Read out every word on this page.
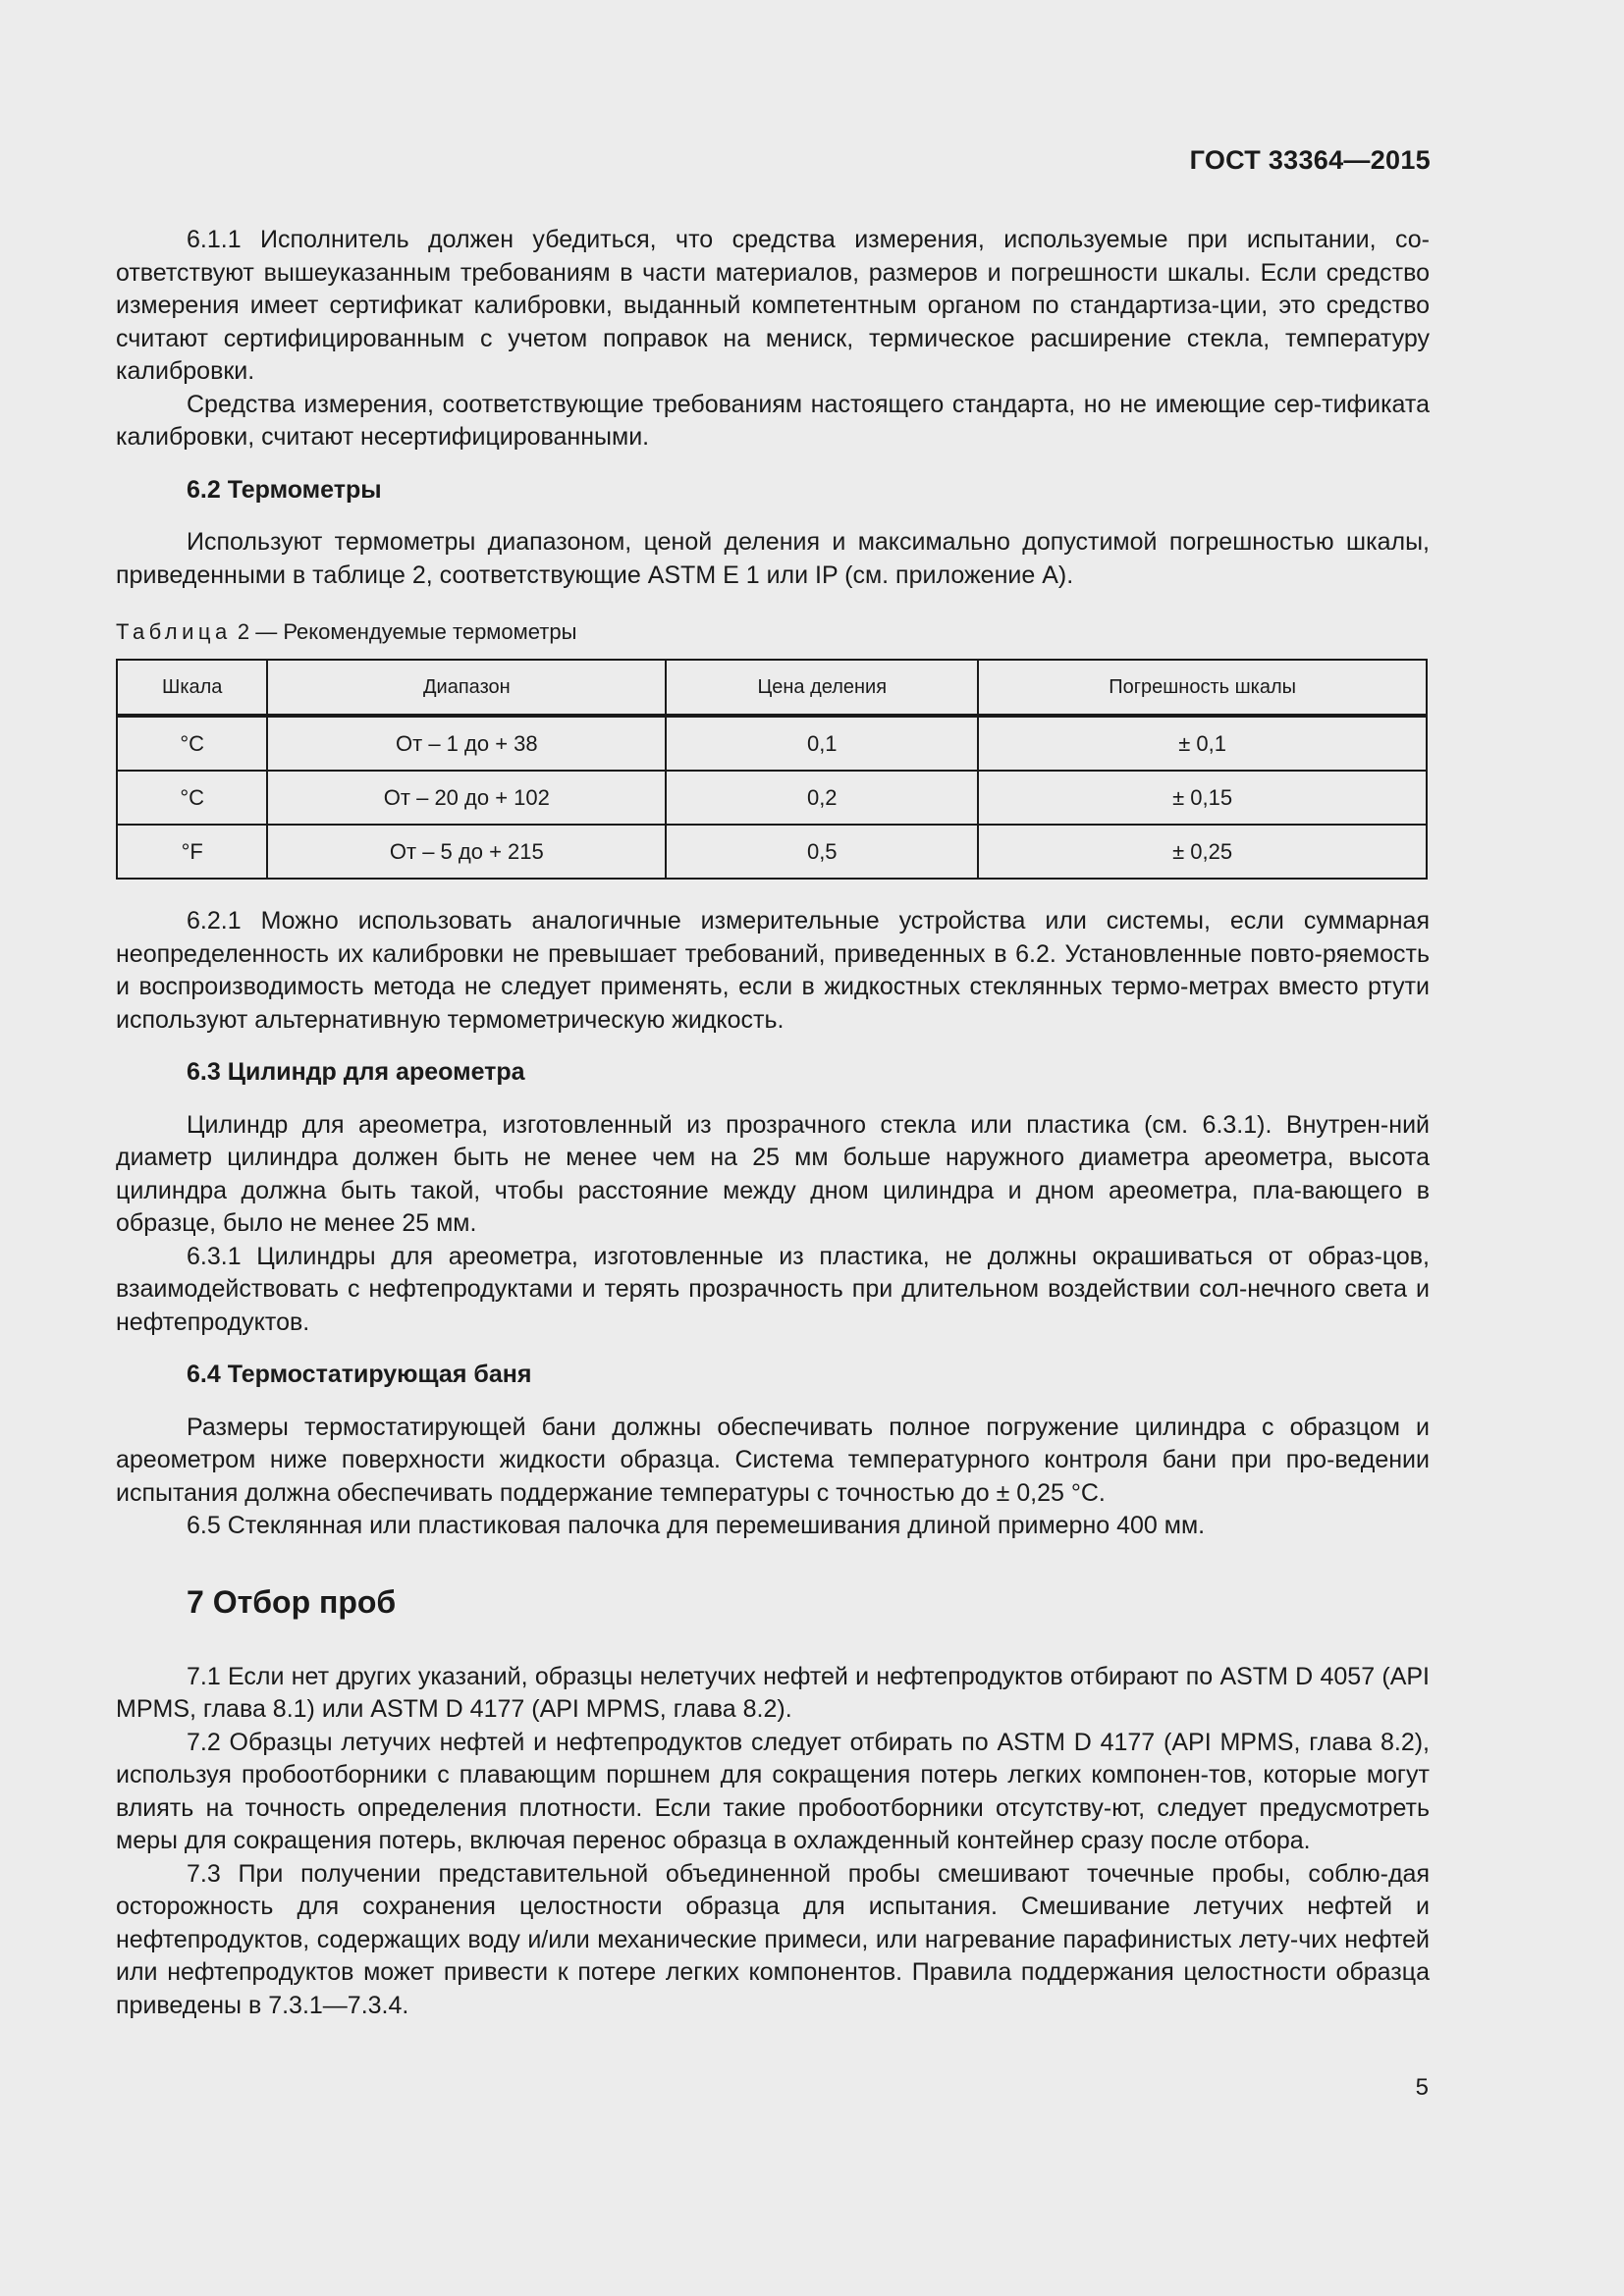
ГОСТ 33364—2015

6.1.1 Исполнитель должен убедиться, что средства измерения, используемые при испытании, со-ответствуют вышеуказанным требованиям в части материалов, размеров и погрешности шкалы. Если средство измерения имеет сертификат калибровки, выданный компетентным органом по стандартиза-ции, это средство считают сертифицированным с учетом поправок на мениск, термическое расширение стекла, температуру калибровки.

Средства измерения, соответствующие требованиям настоящего стандарта, но не имеющие сер-тификата калибровки, считают несертифицированными.

6.2 Термометры

Используют термометры диапазоном, ценой деления и максимально допустимой погрешностью шкалы, приведенными в таблице 2, соответствующие ASTM E 1 или IP (см. приложение A).

Таблица 2 — Рекомендуемые термометры
Шкала	Диапазон	Цена деления	Погрешность шкалы
°C	От – 1 до + 38	0,1	± 0,1
°C	От – 20 до + 102	0,2	± 0,15
°F	От – 5 до + 215	0,5	± 0,25

6.2.1 Можно использовать аналогичные измерительные устройства или системы, если суммарная неопределенность их калибровки не превышает требований, приведенных в 6.2. Установленные повто-ряемость и воспроизводимость метода не следует применять, если в жидкостных стеклянных термо-метрах вместо ртути используют альтернативную термометрическую жидкость.

6.3 Цилиндр для ареометра

Цилиндр для ареометра, изготовленный из прозрачного стекла или пластика (см. 6.3.1). Внутрен-ний диаметр цилиндра должен быть не менее чем на 25 мм больше наружного диаметра ареометра, высота цилиндра должна быть такой, чтобы расстояние между дном цилиндра и дном ареометра, пла-вающего в образце, было не менее 25 мм.

6.3.1 Цилиндры для ареометра, изготовленные из пластика, не должны окрашиваться от образ-цов, взаимодействовать с нефтепродуктами и терять прозрачность при длительном воздействии сол-нечного света и нефтепродуктов.

6.4 Термостатирующая баня

Размеры термостатирующей бани должны обеспечивать полное погружение цилиндра с образцом и ареометром ниже поверхности жидкости образца. Система температурного контроля бани при про-ведении испытания должна обеспечивать поддержание температуры с точностью до ± 0,25 °С.

6.5 Стеклянная или пластиковая палочка для перемешивания длиной примерно 400 мм.

7 Отбор проб

7.1 Если нет других указаний, образцы нелетучих нефтей и нефтепродуктов отбирают по ASTM D 4057 (API MPMS, глава 8.1) или ASTM D 4177 (API MPMS, глава 8.2).

7.2 Образцы летучих нефтей и нефтепродуктов следует отбирать по ASTM D 4177 (API MPMS, глава 8.2), используя пробоотборники с плавающим поршнем для сокращения потерь легких компонен-тов, которые могут влиять на точность определения плотности. Если такие пробоотборники отсутству-ют, следует предусмотреть меры для сокращения потерь, включая перенос образца в охлажденный контейнер сразу после отбора.

7.3 При получении представительной объединенной пробы смешивают точечные пробы, соблю-дая осторожность для сохранения целостности образца для испытания. Смешивание летучих нефтей и нефтепродуктов, содержащих воду и/или механические примеси, или нагревание парафинистых лету-чих нефтей или нефтепродуктов может привести к потере легких компонентов. Правила поддержания целостности образца приведены в 7.3.1—7.3.4.

5
